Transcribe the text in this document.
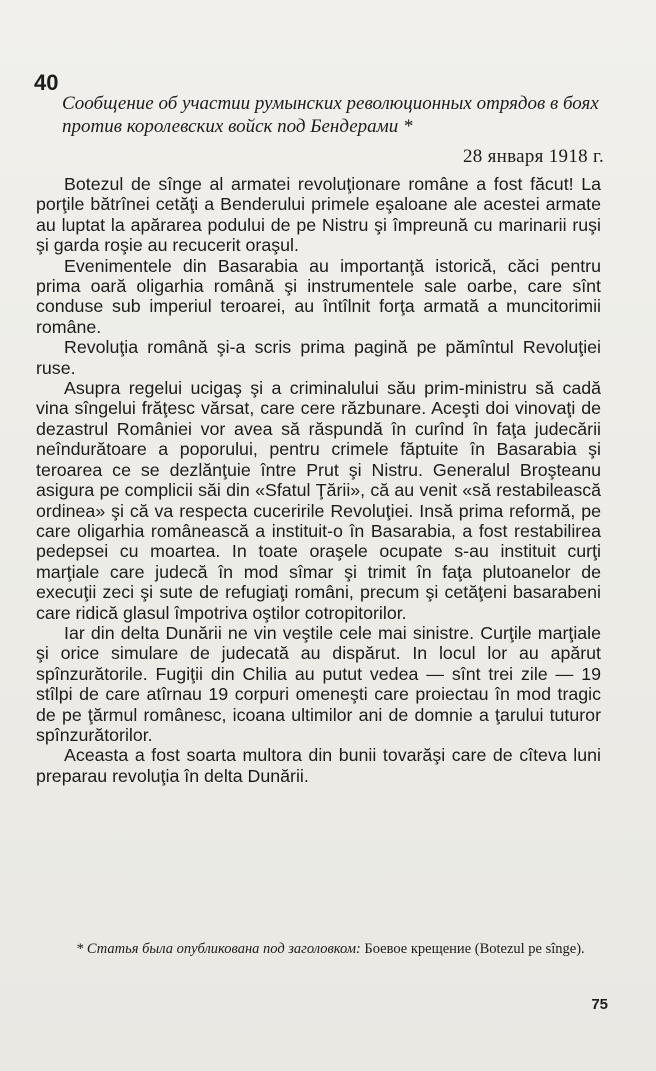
40
Сообщение об участии румынских революционных отрядов в боях против королевских войск под Бендерами *
28 января 1918 г.

Botezul de sînge al armatei revoluţionare române a fost făcut! La porţile bătrînei cetăţi a Benderului primele eşaloane ale acestei armate au luptat la apărarea podului de pe Nistru şi împreună cu marinarii ruşi şi garda roşie au recucerit oraşul.

Evenimentele din Basarabia au importanţă istorică, căci pentru prima oară oligarhia română şi instrumentele sale oarbe, care sînt conduse sub imperiul teroarei, au întîlnit forţa armată a muncitorimii române.

Revoluţia română şi-a scris prima pagină pe pămîntul Revoluţiei ruse.

Asupra regelui ucigaş şi a criminalului său prim-ministru să cadă vina sîngelui frăţesc vărsat, care cere răzbunare. Aceşti doi vinovaţi de dezastrul României vor avea să răspundă în curînd în faţa judecării neîndurătoare a poporului, pentru crimele făptuite în Basarabia şi teroarea ce se dezlănţuie între Prut şi Nistru. Generalul Broşteanu asigura pe complicii săi din «Sfatul Ţării», că au venit «să restabilească ordinea» şi că va respecta cuceririle Revoluţiei. Insă prima reformă, pe care oligarhia românească a instituit-o în Basarabia, a fost restabilirea pedepsei cu moartea. In toate oraşele ocupate s-au instituit curţi marţiale care judecă în mod sîmar şi trimit în faţa plutoanelor de execuţii zeci şi sute de refugiaţi români, precum şi cetăţeni basarabeni care ridică glasul împotriva oştilor cotropitorilor.

Iar din delta Dunării ne vin veştile cele mai sinistre. Curţile marţiale şi orice simulare de judecată au dispărut. In locul lor au apărut spînzurătorile. Fugiţii din Chilia au putut vedea — sînt trei zile — 19 stîlpi de care atîrnau 19 corpuri omeneşti care proiectau în mod tragic de pe ţărmul românesc, icoana ultimilor ani de domnie a ţarului tuturor spînzurătorilor.

Aceasta a fost soarta multora din bunii tovarăşi care de cîteva luni preparau revoluţia în delta Dunării.

* Статья была опубликована под заголовком: Боевое крещение (Botezul pe sînge).
75
